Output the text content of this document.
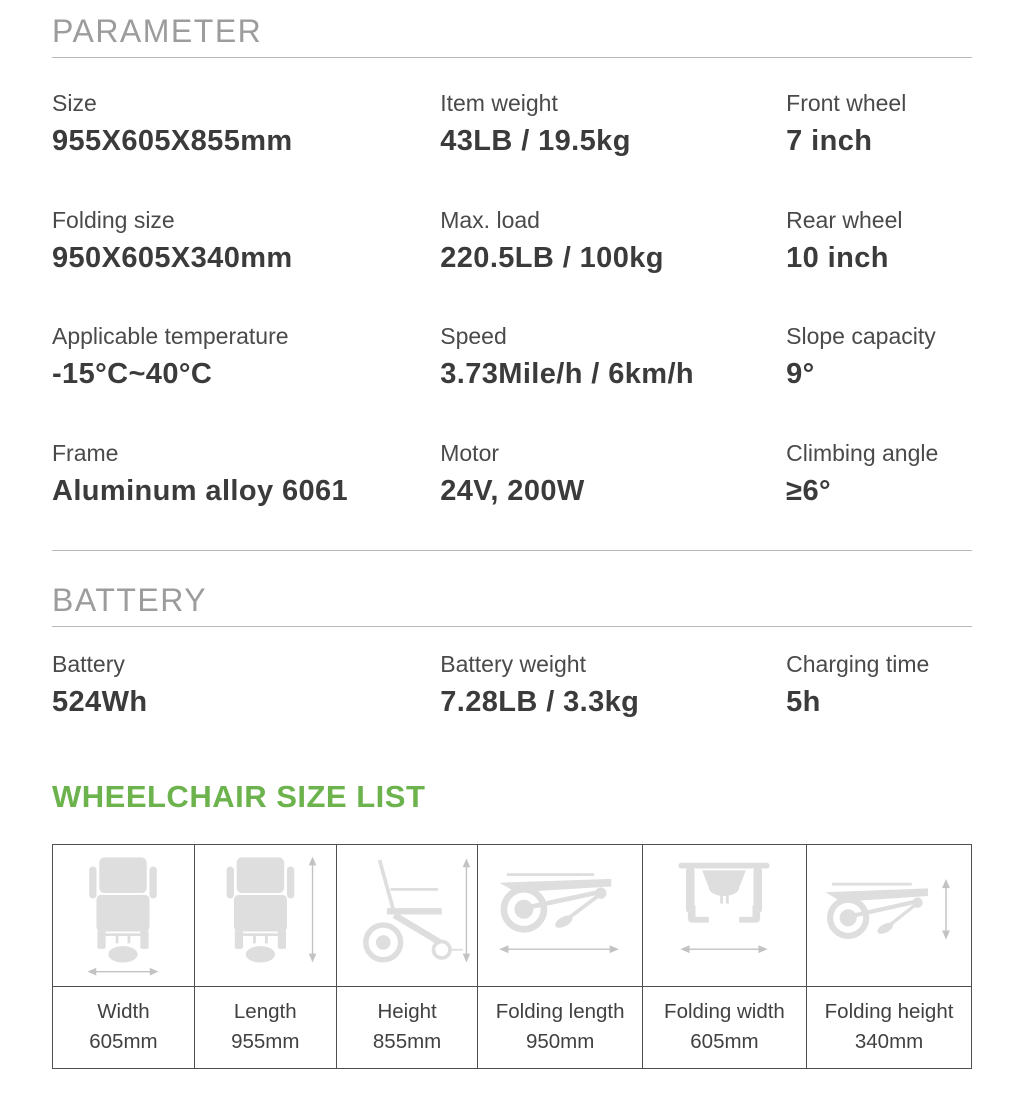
PARAMETER
Size
955X605X855mm
Item weight
43LB / 19.5kg
Front wheel
7 inch
Folding size
950X605X340mm
Max. load
220.5LB / 100kg
Rear wheel
10 inch
Applicable temperature
-15°C~40°C
Speed
3.73Mile/h / 6km/h
Slope capacity
9°
Frame
Aluminum alloy 6061
Motor
24V, 200W
Climbing angle
≥6°
BATTERY
Battery
524Wh
Battery weight
7.28LB / 3.3kg
Charging time
5h
WHEELCHAIR SIZE LIST
Width
605mm
Length
955mm
Height
855mm
Folding length
950mm
Folding width
605mm
Folding height
340mm
